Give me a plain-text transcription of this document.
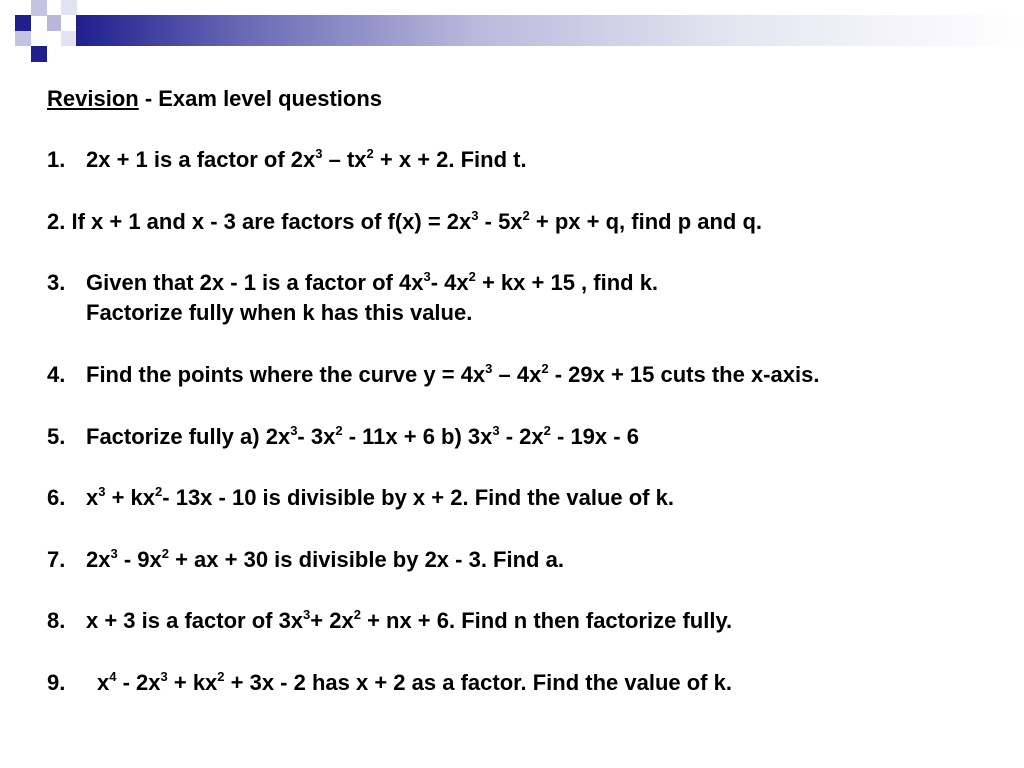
Revision - Exam level questions
1. 2x + 1 is a factor of $2x^3 - tx^2 + x + 2$. Find t.
2. If x + 1 and x - 3 are factors of $f(x) = 2x^3 - 5x^2$ + px + q, find p and q.
3. Given that 2x - 1 is a factor of $4x^3-$ $4x^2$ + kx + 15 , find k.
Factorize fully when k has this value.
4. Find the points where the curve $y = 4x^3 - 4x^2 - 29x + 15$ cuts the x-axis.
5. Factorize fully a) $2x^3-$ $3x^2 - 11x + 6$ b) $3x^3 - 2x^2 - 19x - 6$
6. $x^3 + kx^2-$ 13x - 10 is divisible by x + 2. Find the value of k.
7. $2x^3 - 9x^2$ + ax + 30 is divisible by 2x - 3. Find a.
8. x + 3 is a factor of $3x^3+ 2x^2$ + nx + 6. Find n then factorize fully.
9. $x^4 - 2x^3 + kx^2 + 3x - 2$ has x + 2 as a factor. Find the value of k.
